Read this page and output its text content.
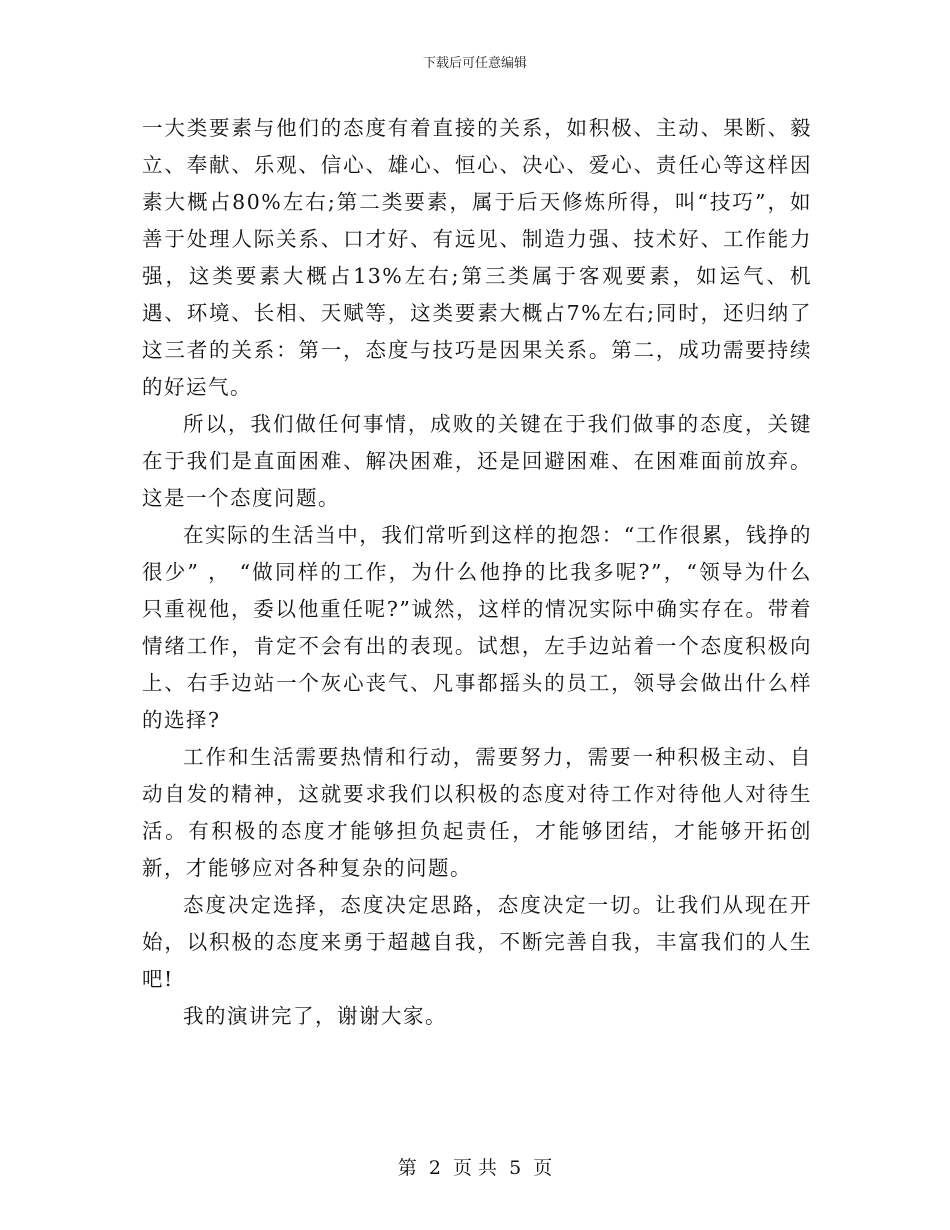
下载后可任意编辑

一大类要素与他们的态度有着直接的关系，如积极、主动、果断、毅立、奉献、乐观、信心、雄心、恒心、决心、爱心、责任心等这样因素大概占80%左右;第二类要素，属于后天修炼所得，叫“技巧”，如善于处理人际关系、口才好、有远见、制造力强、技术好、工作能力强，这类要素大概占13%左右;第三类属于客观要素，如运气、机遇、环境、长相、天赋等，这类要素大概占7%左右;同时，还归纳了这三者的关系：第一，态度与技巧是因果关系。第二，成功需要持续的好运气。

所以，我们做任何事情，成败的关键在于我们做事的态度，关键在于我们是直面困难、解决困难，还是回避困难、在困难面前放弃。这是一个态度问题。

在实际的生活当中，我们常听到这样的抱怨：“工作很累，钱挣的很少” ， “做同样的工作，为什么他挣的比我多呢?”，“领导为什么只重视他，委以他重任呢?”诚然，这样的情况实际中确实存在。带着情绪工作，肯定不会有出的表现。试想，左手边站着一个态度积极向上、右手边站一个灰心丧气、凡事都摇头的员工，领导会做出什么样的选择?

工作和生活需要热情和行动，需要努力，需要一种积极主动、自动自发的精神，这就要求我们以积极的态度对待工作对待他人对待生活。有积极的态度才能够担负起责任，才能够团结，才能够开拓创新，才能够应对各种复杂的问题。

态度决定选择，态度决定思路，态度决定一切。让我们从现在开始，以积极的态度来勇于超越自我，不断完善自我，丰富我们的人生吧!

我的演讲完了，谢谢大家。

第 2 页 共 5 页
